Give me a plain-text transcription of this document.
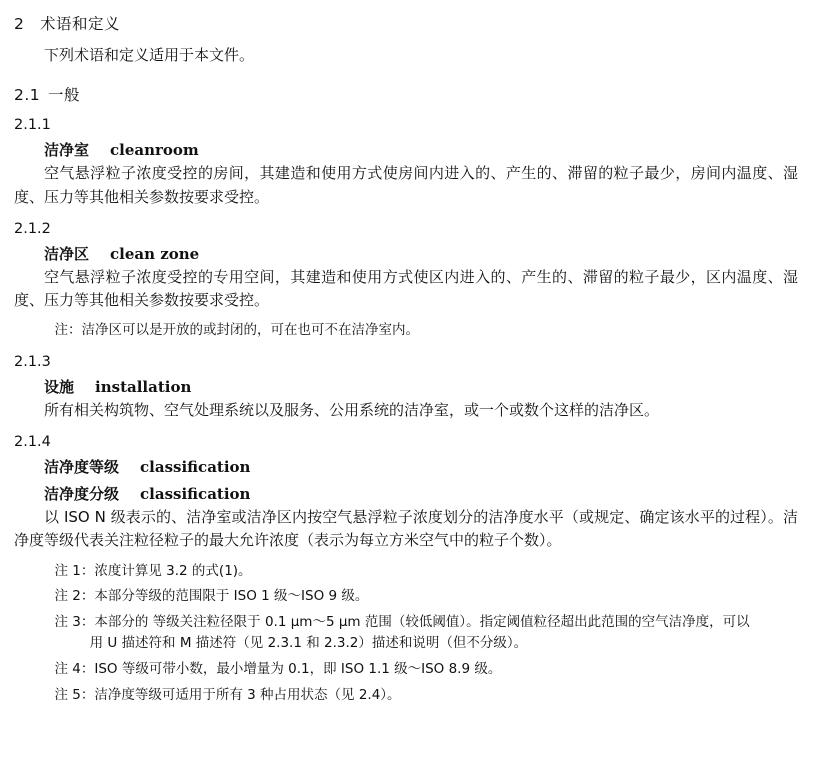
2 术语和定义

下列术语和定义适用于本文件。

2.1 一般
2.1.1
洁净室 cleanroom

空气悬浮粒子浓度受控的房间，其建造和使用方式使房间内进入的、产生的、滞留的粒子最少，房间内温度、湿度、压力等其他相关参数按要求受控。

2.1.2
洁净区 clean zone

空气悬浮粒子浓度受控的专用空间，其建造和使用方式使区内进入的、产生的、滞留的粒子最少，区内温度、湿度、压力等其他相关参数按要求受控。

注：洁净区可以是开放的或封闭的，可在也可不在洁净室内。

2.1.3
设施 installation

所有相关构筑物、空气处理系统以及服务、公用系统的洁净室，或一个或数个这样的洁净区。

2.1.4
洁净度等级 classification
洁净度分级 classification

以 ISO N 级表示的、洁净室或洁净区内按空气悬浮粒子浓度划分的洁净度水平（或规定、确定该水平的过程）。洁净度等级代表关注粒径粒子的最大允许浓度（表示为每立方米空气中的粒子个数）。

注 1：浓度计算见 3.2 的式(1)。

注 2：本部分等级的范围限于 ISO 1 级～ISO 9 级。

注 3：本部分的 等级关注粒径限于 0.1 μm～5 μm 范围（较低阈值）。指定阈值粒径超出此范围的空气洁净度，可以
用 U 描述符和 M 描述符（见 2.3.1 和 2.3.2）描述和说明（但不分级）。

注 4：ISO 等级可带小数，最小增量为 0.1，即 ISO 1.1 级～ISO 8.9 级。

注 5：洁净度等级可适用于所有 3 种占用状态（见 2.4）。
